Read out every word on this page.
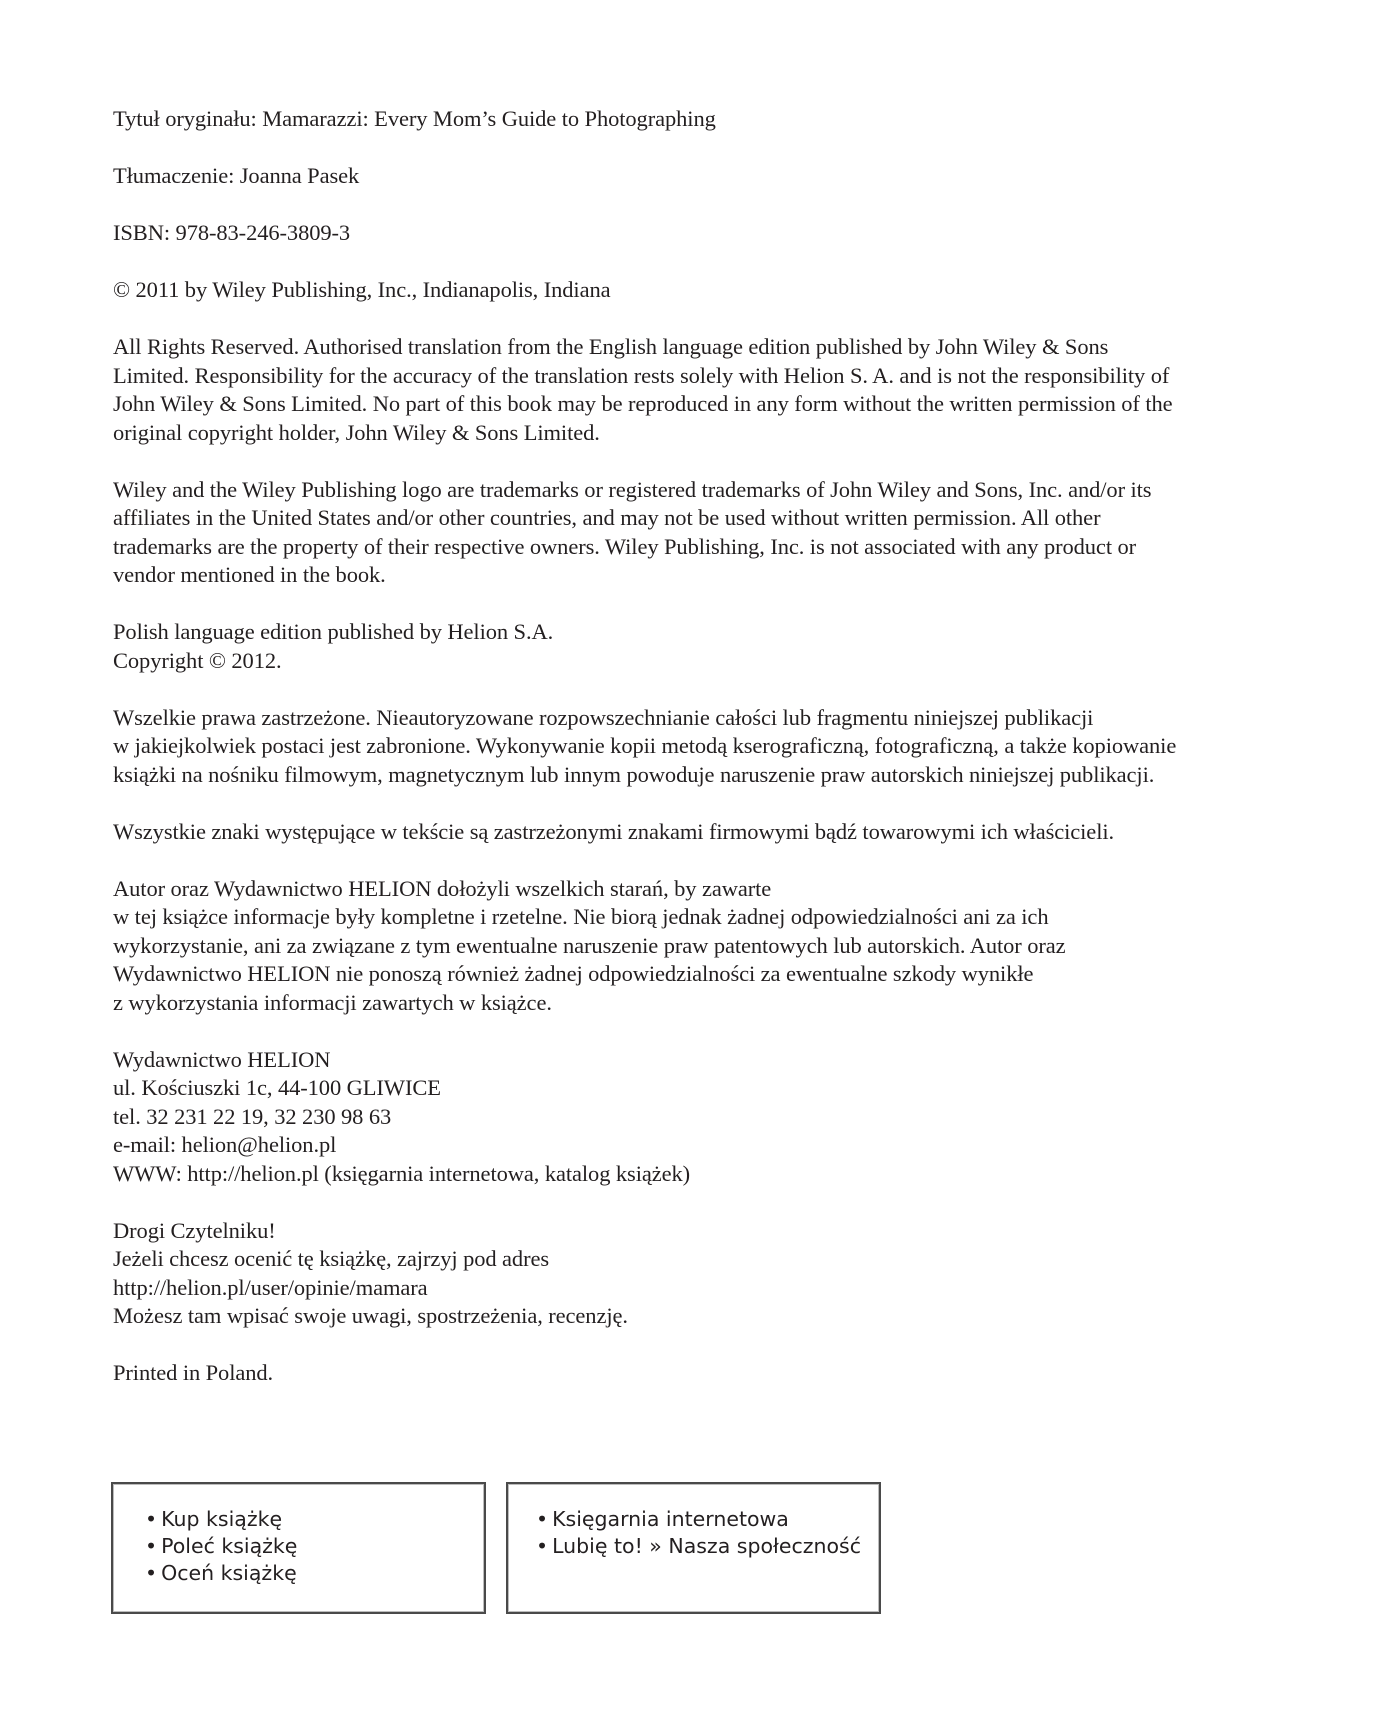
Tytuł oryginału: Mamarazzi: Every Mom’s Guide to Photographing

Tłumaczenie: Joanna Pasek

ISBN: 978-83-246-3809-3

© 2011 by Wiley Publishing, Inc., Indianapolis, Indiana

All Rights Reserved. Authorised translation from the English language edition published by John Wiley & Sons
Limited. Responsibility for the accuracy of the translation rests solely with Helion S. A. and is not the responsibility of
John Wiley & Sons Limited. No part of this book may be reproduced in any form without the written permission of the
original copyright holder, John Wiley & Sons Limited.

Wiley and the Wiley Publishing logo are trademarks or registered trademarks of John Wiley and Sons, Inc. and/or its
affiliates in the United States and/or other countries, and may not be used without written permission. All other
trademarks are the property of their respective owners. Wiley Publishing, Inc. is not associated with any product or
vendor mentioned in the book.

Polish language edition published by Helion S.A.
Copyright © 2012.

Wszelkie prawa zastrzeżone. Nieautoryzowane rozpowszechnianie całości lub fragmentu niniejszej publikacji
w jakiejkolwiek postaci jest zabronione. Wykonywanie kopii metodą kserograficzną, fotograficzną, a także kopiowanie
książki na nośniku filmowym, magnetycznym lub innym powoduje naruszenie praw autorskich niniejszej publikacji.

Wszystkie znaki występujące w tekście są zastrzeżonymi znakami firmowymi bądź towarowymi ich właścicieli.

Autor oraz Wydawnictwo HELION dołożyli wszelkich starań, by zawarte
w tej książce informacje były kompletne i rzetelne. Nie biorą jednak żadnej odpowiedzialności ani za ich
wykorzystanie, ani za związane z tym ewentualne naruszenie praw patentowych lub autorskich. Autor oraz
Wydawnictwo HELION nie ponoszą również żadnej odpowiedzialności za ewentualne szkody wynikłe
z wykorzystania informacji zawartych w książce.

Wydawnictwo HELION
ul. Kościuszki 1c, 44-100 GLIWICE
tel. 32 231 22 19, 32 230 98 63
e-mail: helion@helion.pl
WWW: http://helion.pl (księgarnia internetowa, katalog książek)

Drogi Czytelniku!
Jeżeli chcesz ocenić tę książkę, zajrzyj pod adres
http://helion.pl/user/opinie/mamara
Możesz tam wpisać swoje uwagi, spostrzeżenia, recenzję.

Printed in Poland.

• Kup książkę
• Poleć książkę
• Oceń książkę
• Księgarnia internetowa
• Lubię to! » Nasza społeczność
